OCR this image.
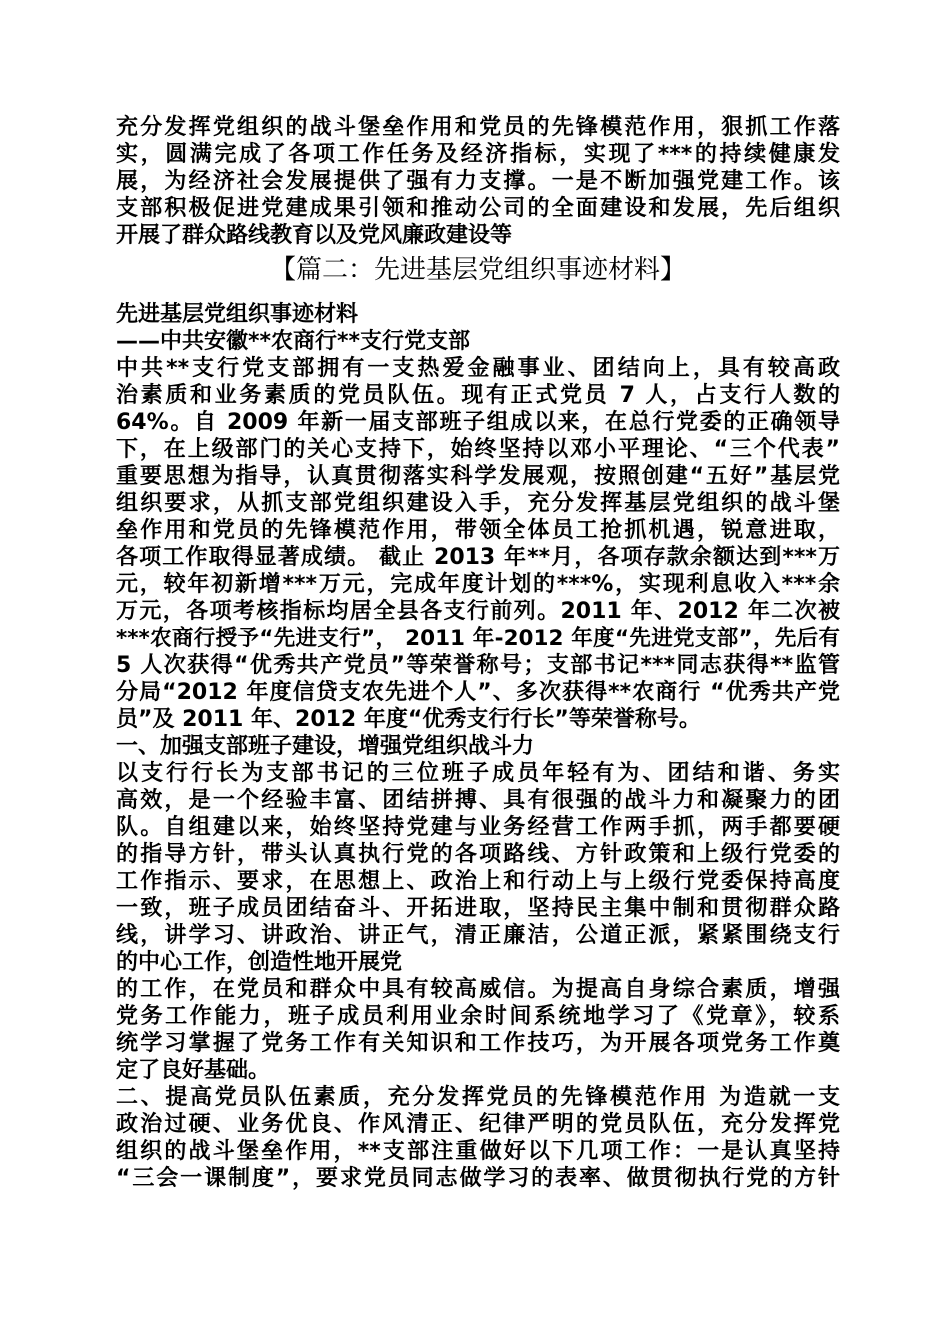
充分发挥党组织的战斗堡垒作用和党员的先锋模范作用，狠抓工作落
实，圆满完成了各项工作任务及经济指标，实现了***的持续健康发
展，为经济社会发展提供了强有力支撑。一是不断加强党建工作。该
支部积极促进党建成果引领和推动公司的全面建设和发展，先后组织
开展了群众路线教育以及党风廉政建设等
【篇二：先进基层党组织事迹材料】
先进基层党组织事迹材料
——中共安徽**农商行**支行党支部
中共**支行党支部拥有一支热爱金融事业、团结向上，具有较高政
治素质和业务素质的党员队伍。现有正式党员 7 人，占支行人数的
64%。自 2009 年新一届支部班子组成以来，在总行党委的正确领导
下，在上级部门的关心支持下，始终坚持以邓小平理论、“三个代表”
重要思想为指导，认真贯彻落实科学发展观，按照创建“五好”基层党
组织要求，从抓支部党组织建设入手，充分发挥基层党组织的战斗堡
垒作用和党员的先锋模范作用，带领全体员工抢抓机遇，锐意进取，
各项工作取得显著成绩。 截止 2013 年**月，各项存款余额达到***万
元，较年初新增***万元，完成年度计划的***%，实现利息收入***余
万元，各项考核指标均居全县各支行前列。2011 年、2012 年二次被
***农商行授予“先进支行”， 2011 年-2012 年度“先进党支部”，先后有
5 人次获得“优秀共产党员”等荣誉称号；支部书记***同志获得**监管
分局“2012 年度信贷支农先进个人”、多次获得**农商行 “优秀共产党
员”及 2011 年、2012 年度“优秀支行行长”等荣誉称号。
一、加强支部班子建设，增强党组织战斗力
以支行行长为支部书记的三位班子成员年轻有为、团结和谐、务实
高效，是一个经验丰富、团结拼搏、具有很强的战斗力和凝聚力的团
队。自组建以来，始终坚持党建与业务经营工作两手抓，两手都要硬
的指导方针，带头认真执行党的各项路线、方针政策和上级行党委的
工作指示、要求，在思想上、政治上和行动上与上级行党委保持高度
一致，班子成员团结奋斗、开拓进取，坚持民主集中制和贯彻群众路
线，讲学习、讲政治、讲正气，清正廉洁，公道正派，紧紧围绕支行
的中心工作，创造性地开展党
的工作，在党员和群众中具有较高威信。为提高自身综合素质，增强
党务工作能力，班子成员利用业余时间系统地学习了《党章》，较系
统学习掌握了党务工作有关知识和工作技巧，为开展各项党务工作奠
定了良好基础。
二、提高党员队伍素质，充分发挥党员的先锋模范作用 为造就一支
政治过硬、业务优良、作风清正、纪律严明的党员队伍，充分发挥党
组织的战斗堡垒作用，**支部注重做好以下几项工作：一是认真坚持
“三会一课制度”，要求党员同志做学习的表率、做贯彻执行党的方针
